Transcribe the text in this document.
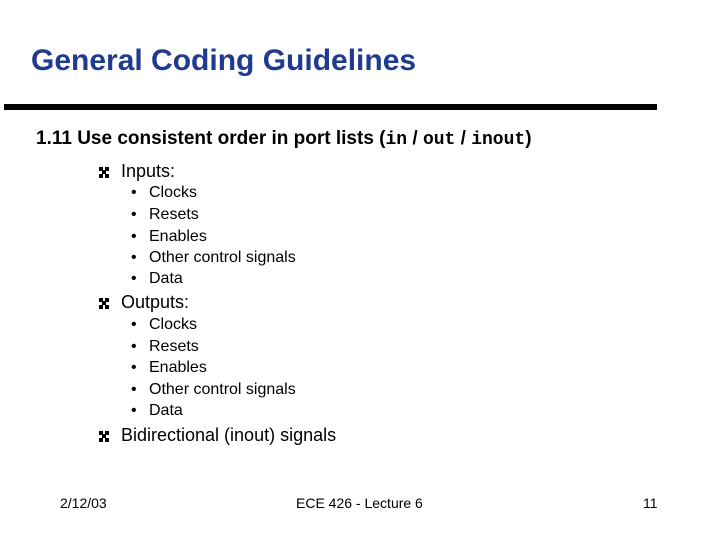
General Coding Guidelines
1.11 Use consistent order in port lists (in / out / inout)
Inputs:
• Clocks
• Resets
• Enables
• Other control signals
• Data
Outputs:
• Clocks
• Resets
• Enables
• Other control signals
• Data
Bidirectional (inout) signals
2/12/03	ECE 426 - Lecture 6	11
